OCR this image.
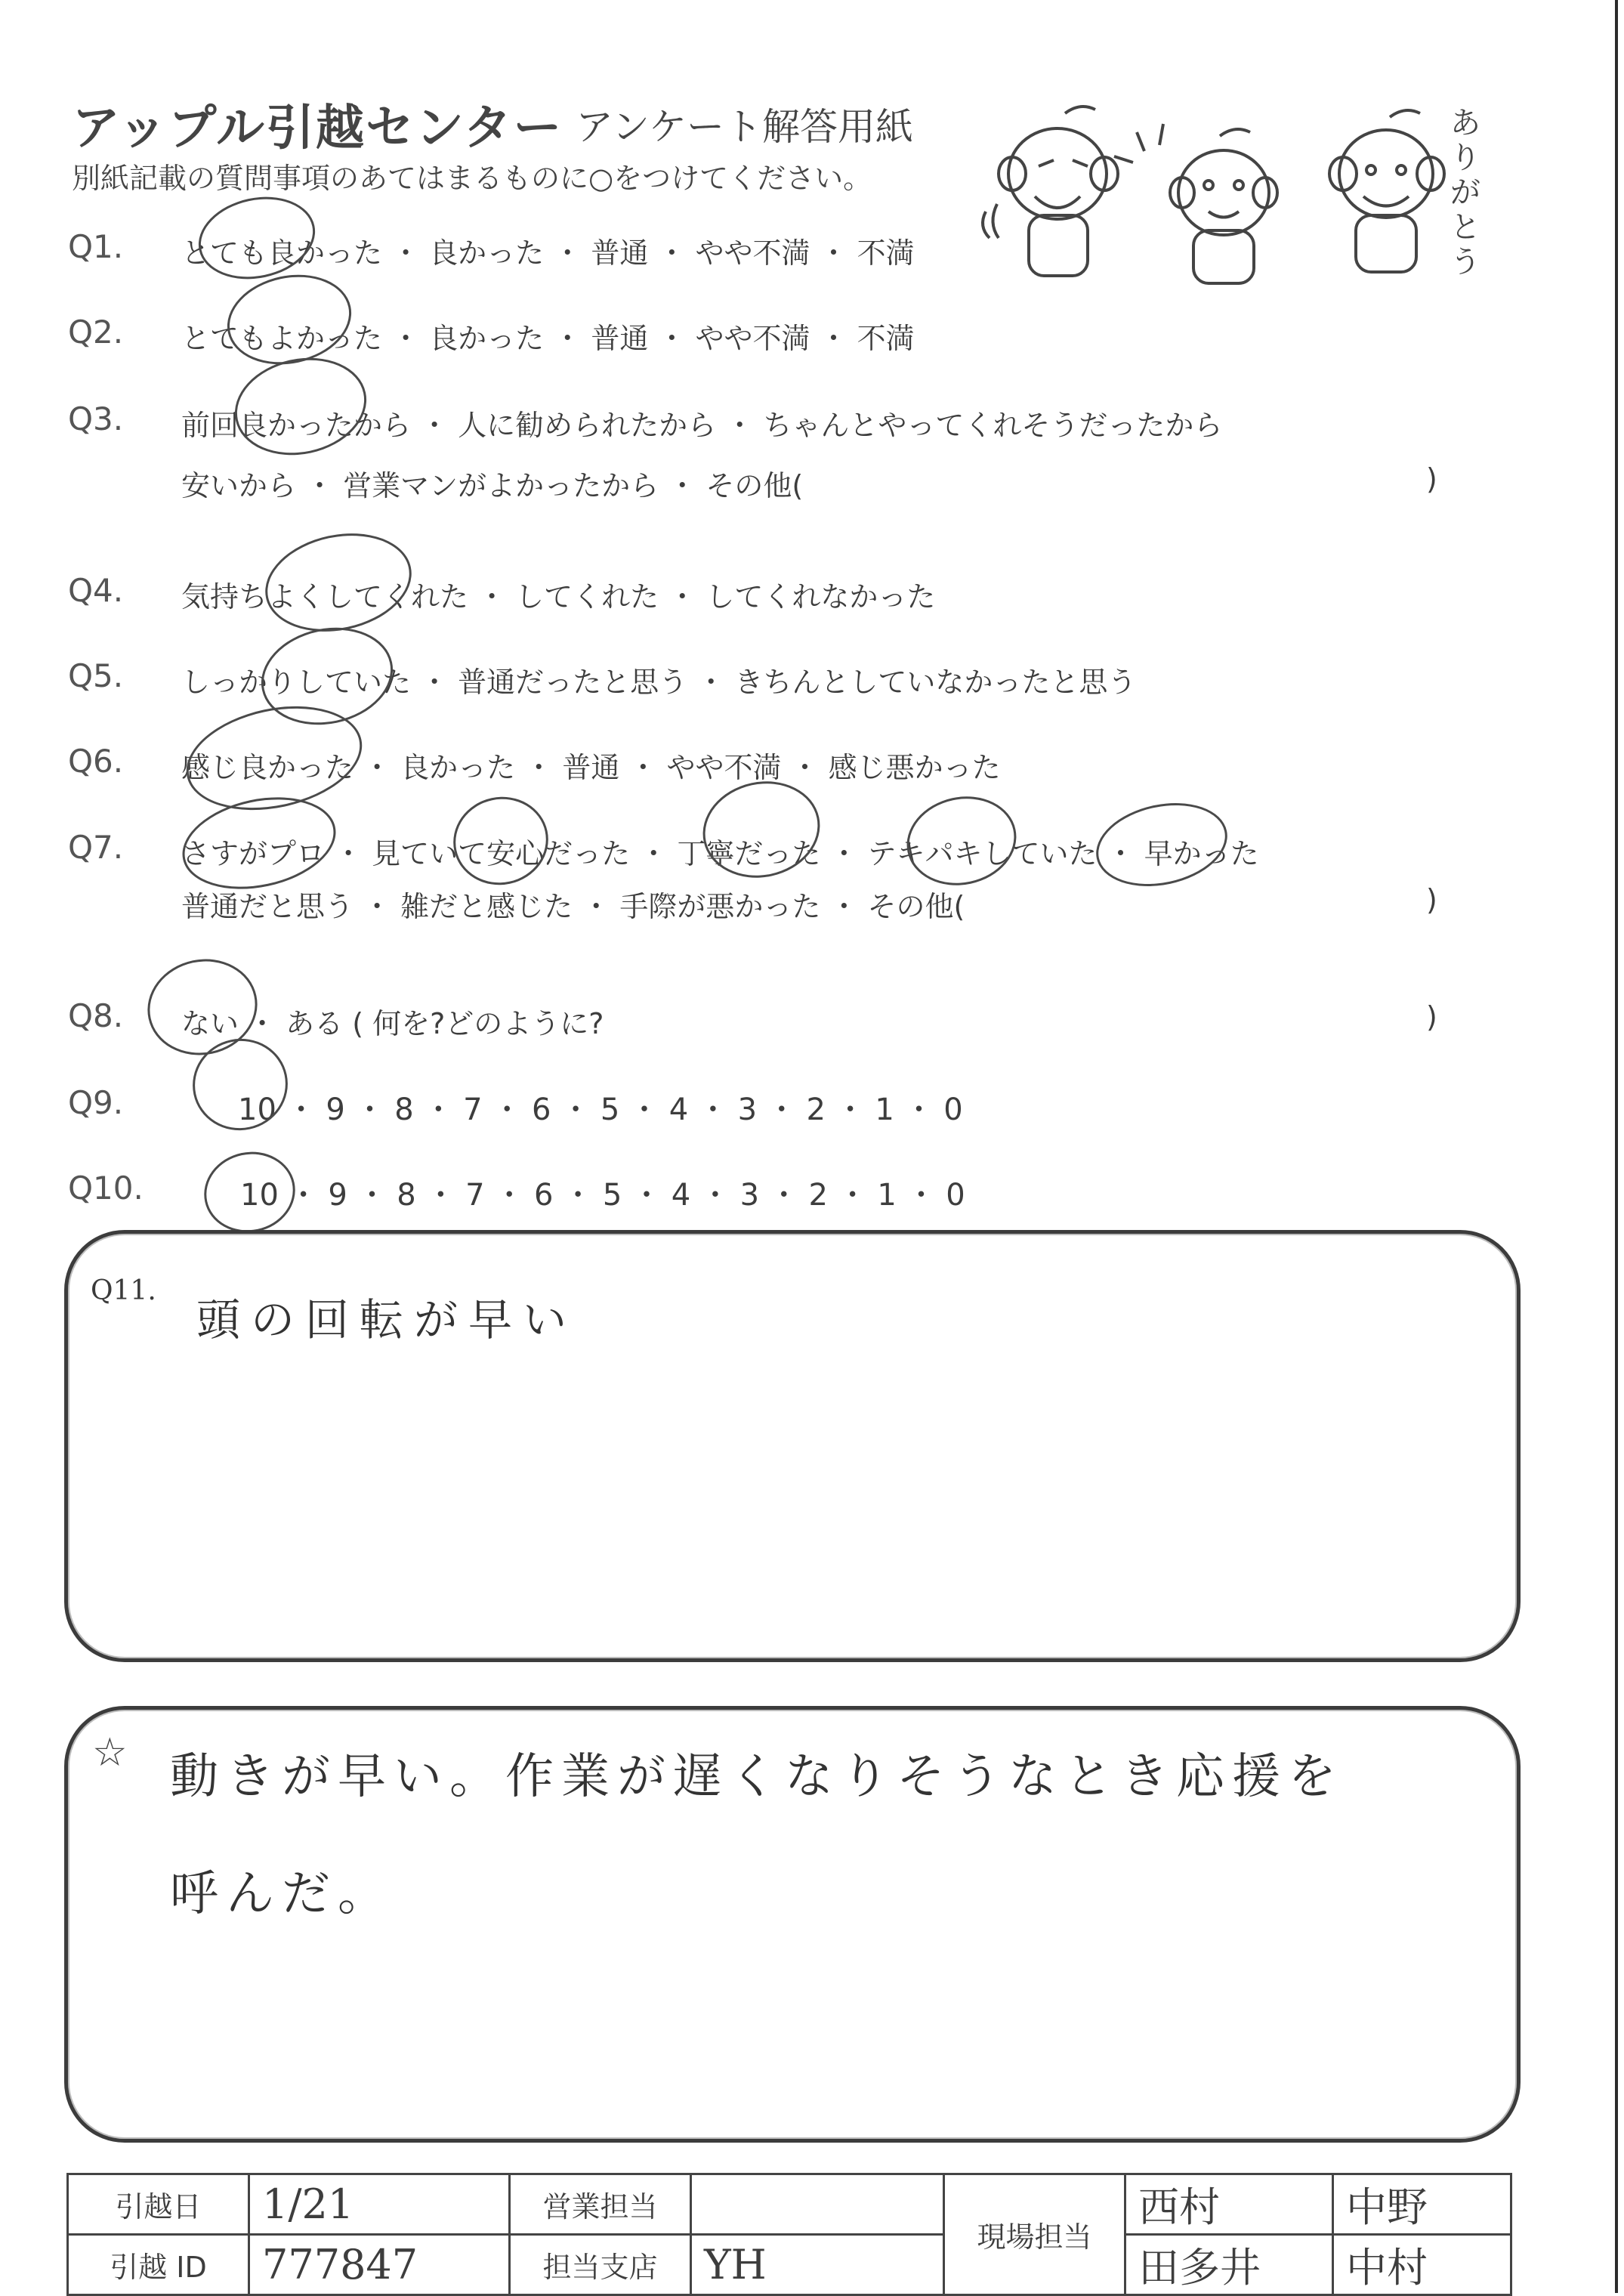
アップル引越センター アンケート解答用紙
別紙記載の質問事項のあてはまるものに○をつけてください。
ありがとう
Q1. とても良かった ・ 良かった ・ 普通 ・ やや不満 ・ 不満
Q2. とてもよかった ・ 良かった ・ 普通 ・ やや不満 ・ 不満
Q3. 前回良かったから ・ 人に勧められたから ・ ちゃんとやってくれそうだったから
安いから ・ 営業マンがよかったから ・ その他(	)
Q4. 気持ちよくしてくれた ・ してくれた ・ してくれなかった
Q5. しっかりしていた ・ 普通だったと思う ・ きちんとしていなかったと思う
Q6. 感じ良かった ・ 良かった ・ 普通 ・ やや不満 ・ 感じ悪かった
Q7. さすがプロ ・ 見ていて安心だった ・ 丁寧だった ・ テキパキしていた ・ 早かった
普通だと思う ・ 雑だと感じた ・ 手際が悪かった ・ その他(	)
Q8. ない ・ ある ( 何を?どのように?	)
Q9.	10 ・ 9 ・ 8 ・ 7 ・ 6 ・ 5 ・ 4 ・ 3 ・ 2 ・ 1 ・ 0
Q10.	10 ・ 9 ・ 8 ・ 7 ・ 6 ・ 5 ・ 4 ・ 3 ・ 2 ・ 1 ・ 0
Q11.
頭の回転が早い
☆ 動きが早い。作業が遅くなりそうなとき応援を
呼んだ。
引越日	1/21	営業担当		現場担当	西村	中野
引越 ID	777847	担当支店	YH		田多井	中村
